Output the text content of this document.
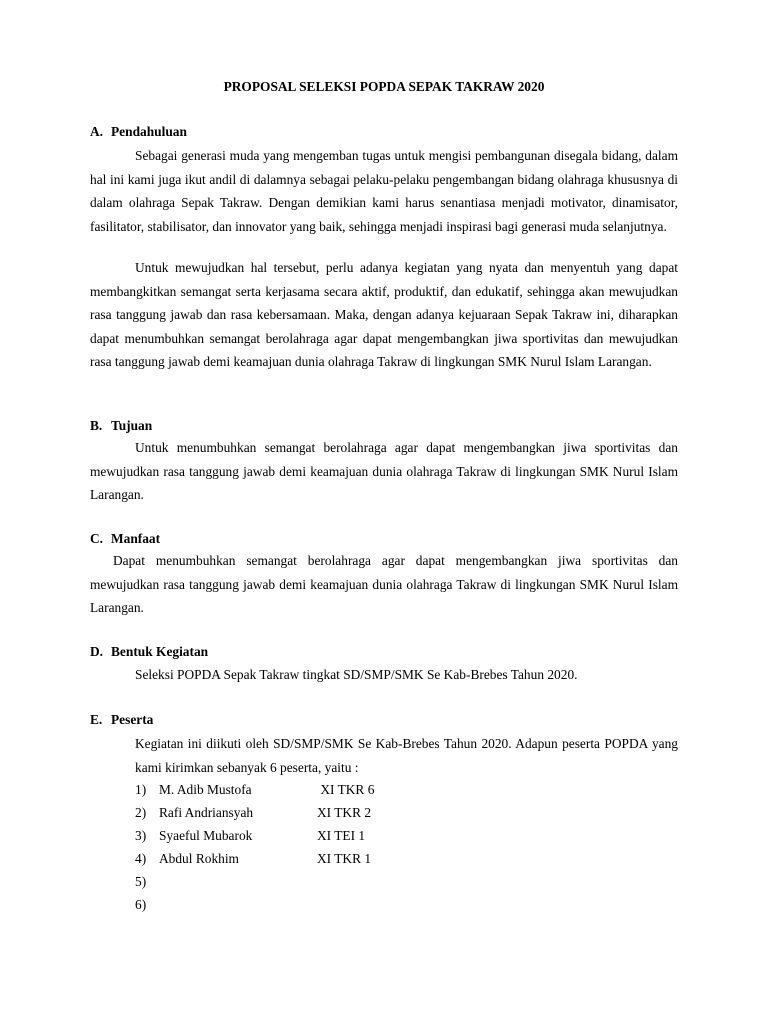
PROPOSAL SELEKSI POPDA SEPAK TAKRAW 2020
A. Pendahuluan

Sebagai generasi muda yang mengemban tugas untuk mengisi pembangunan disegala bidang, dalam hal ini kami juga ikut andil di dalamnya sebagai pelaku-pelaku pengembangan bidang olahraga khususnya di dalam olahraga Sepak Takraw. Dengan demikian kami harus senantiasa menjadi motivator, dinamisator, fasilitator, stabilisator, dan innovator yang baik, sehingga menjadi inspirasi bagi generasi muda selanjutnya.

Untuk mewujudkan hal tersebut, perlu adanya kegiatan yang nyata dan menyentuh yang dapat membangkitkan semangat serta kerjasama secara aktif, produktif, dan edukatif, sehingga akan mewujudkan rasa tanggung jawab dan rasa kebersamaan. Maka, dengan adanya kejuaraan Sepak Takraw ini, diharapkan dapat menumbuhkan semangat berolahraga agar dapat mengembangkan jiwa sportivitas dan mewujudkan rasa tanggung jawab demi keamajuan dunia olahraga Takraw di lingkungan SMK Nurul Islam Larangan.

B. Tujuan

Untuk menumbuhkan semangat berolahraga agar dapat mengembangkan jiwa sportivitas dan mewujudkan rasa tanggung jawab demi keamajuan dunia olahraga Takraw di lingkungan SMK Nurul Islam Larangan.

C. Manfaat

Dapat menumbuhkan semangat berolahraga agar dapat mengembangkan jiwa sportivitas dan mewujudkan rasa tanggung jawab demi keamajuan dunia olahraga Takraw di lingkungan SMK Nurul Islam Larangan.

D. Bentuk Kegiatan

Seleksi POPDA Sepak Takraw tingkat SD/SMP/SMK Se Kab-Brebes Tahun 2020.

E. Peserta

Kegiatan ini diikuti oleh SD/SMP/SMK Se Kab-Brebes Tahun 2020. Adapun peserta POPDA yang kami kirimkan sebanyak 6 peserta, yaitu :

1) M. Adib Mustofa	XI TKR 6
2) Rafi Andriansyah	XI TKR 2
3) Syaeful Mubarok	XI TEI 1
4) Abdul Rokhim	XI TKR 1
5)
6)
